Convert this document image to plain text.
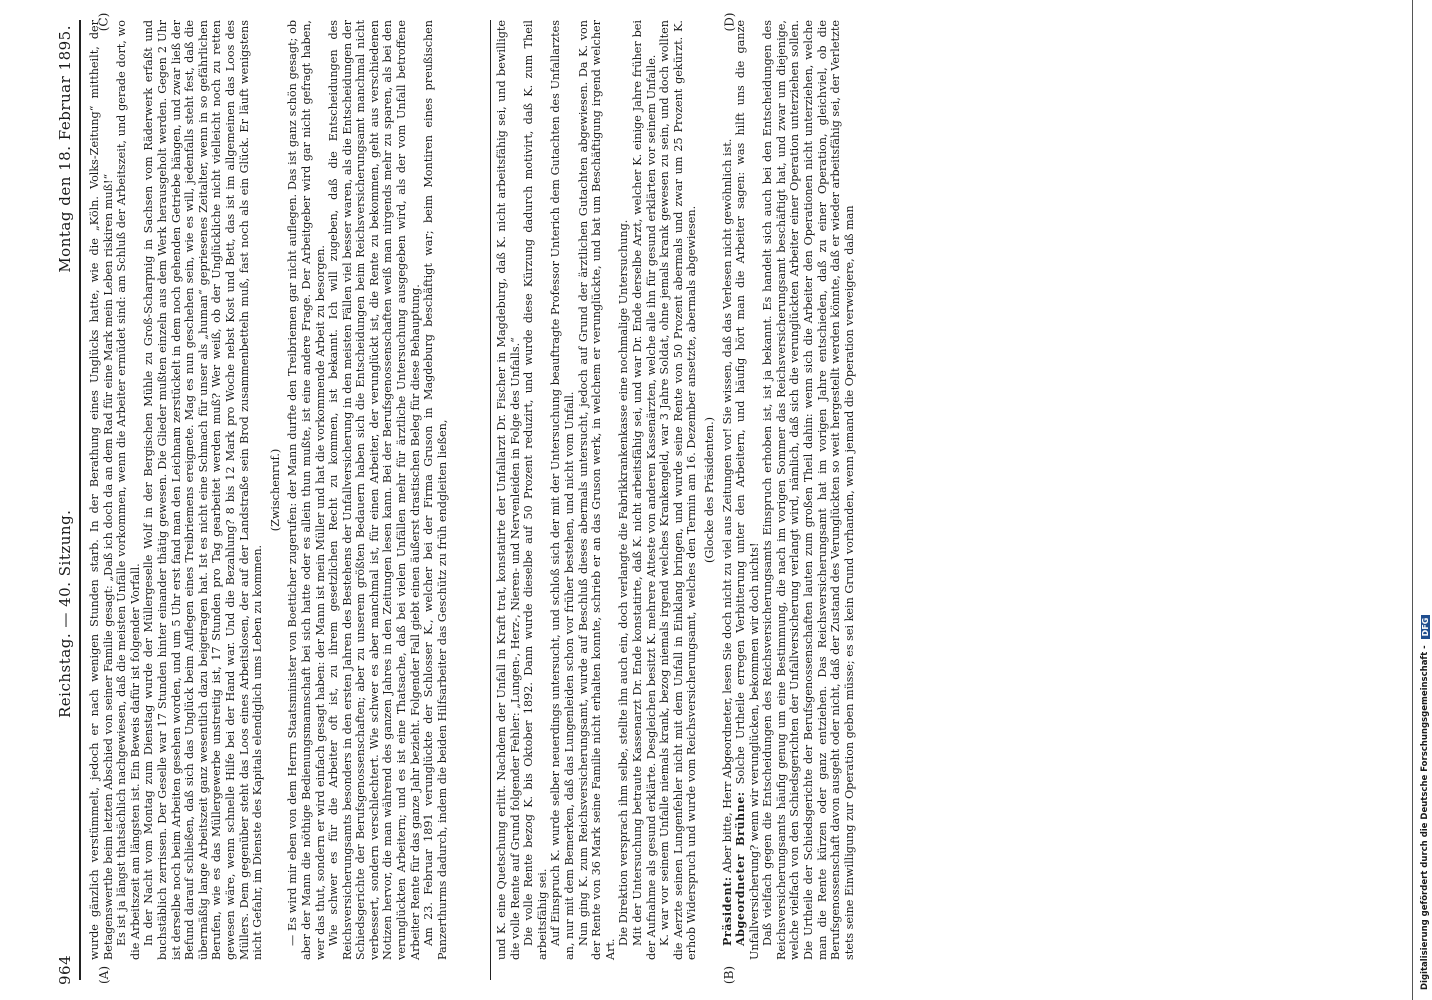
964
Reichstag. — 40. Sitzung.
Montag den 18. Februar 1895.
(A)	(B)

wurde gänzlich verstümmelt, jedoch er nach wenigen Stunden starb. In der Berathung eines Unglücks hatte, wie die „Köln. Volks-Zeitung“ mittheilt, der Betagenswerthe beim letzten Abschied von seiner Familie gesagt: „Daß ich doch da an dem Rad für eine Mark mein Leben riskiren muß!“ Es ist ja längst thatsächlich nachgewiesen, daß die meisten Unfälle vorkommen, wenn die Arbeiter ermüdet sind: am Schluß der Arbeitszeit, und gerade dort, wo die Arbeitszeit am längsten ist. Ein Beweis dafür ist folgender Vorfall. In der Nacht vom Montag zum Dienstag wurde der Müllergeselle Wolf in der Bergischen Mühle zu Groß-Scharpnig in Sachsen vom Räderwerk erfaßt und buchstäblich zerrissen. Der Geselle war 17 Stunden hinter einander thätig gewesen. Die Glieder mußten einzeln aus dem Werk herausgeholt werden. Gegen 2 Uhr ist derselbe noch beim Arbeiten gesehen worden, und um 5 Uhr erst fand man den Leichnam zerstückelt in dem noch gehenden Getriebe hängen, und zwar ließ der Befund darauf schließen, daß sich das Unglück beim Auflegen eines Treibriemens ereignete. Mag es nun geschehen sein, wie es will, jedenfalls steht fest, daß die übermäßig lange Arbeitszeit ganz wesentlich dazu beigetragen hat. Ist es nicht eine Schmach für unser als „human“ gepriesenes Zeitalter, wenn in so gefährlichen Berufen, wie es das Müllergewerbe unstreitig ist, 17 Stunden pro Tag gearbeitet werden muß? Wer weiß, ob der Unglückliche nicht vielleicht noch zu retten gewesen wäre, wenn schnelle Hilfe bei der Hand war. Und die Bezahlung? 8 bis 12 Mark pro Woche nebst Kost und Bett, das ist im allgemeinen das Loos des Müllers. Dem gegenüber steht das Loos eines Arbeitslosen, der auf der Landstraße sein Brod zusammenbetteln muß, fast noch als ein Glück. Er läuft wenigstens nicht Gefahr, im Dienste des Kapitals elendiglich ums Leben zu kommen.

(Zwischenruf.) — Es wird mir eben von dem Herrn Staatsminister von Boetticher zugerufen: der Mann durfte den Treibriemen gar nicht auflegen. Das ist ganz schön gesagt; ob aber der Mann die nöthige Bedienungsmannschaft bei sich hatte oder es allein thun mußte, ist eine andere Frage. Der Arbeitgeber wird gar nicht gefragt haben, wer das thut, sondern er wird einfach gesagt haben: der Mann ist mein Müller und hat die vorkommende Arbeit zu besorgen. Wie schwer es für die Arbeiter oft ist, zu ihrem gesetzlichen Recht zu kommen, ist bekannt. Ich will zugeben, daß die Entscheidungen des Reichsversicherungsamts besonders in den ersten Jahren des Bestehens der Unfallversicherung in den meisten Fällen viel besser waren, als die Entscheidungen der Schiedsgerichte der Berufsgenossenschaften; aber zu unserem größten Bedauern haben sich die Entscheidungen beim Reichsversicherungsamt manchmal nicht verbessert, sondern verschlechtert. Wie schwer es aber manchmal ist, für einen Arbeiter, der verunglückt ist, die Rente zu bekommen, geht aus verschiedenen Notizen hervor, die man während des ganzen Jahres in den Zeitungen lesen kann. Bei der Berufsgenossenschaften weiß man nirgends mehr zu sparen, als bei den verunglückten Arbeitern; und es ist eine Thatsache, daß bei vielen Unfällen mehr für ärztliche Untersuchung ausgegeben wird, als der vom Unfall betroffene Arbeiter Rente für das ganze Jahr bezieht. Folgender Fall giebt einen äußerst drastischen Beleg für diese Behauptung. Am 23. Februar 1891 verunglückte der Schlosser K., welcher bei der Firma Gruson in Magdeburg beschäftigt war; beim Montiren eines preußischen Panzerthurms dadurch, indem die beiden Hilfsarbeiter das Geschütz zu früh endgleiten ließen,	und K. eine Quetschung erlitt. Nachdem der Unfall in Kraft trat, konstatirte der Unfallarzt Dr. Fischer in Magdeburg, daß K. nicht arbeitsfähig sei, und bewilligte die volle Rente auf Grund folgender Fehler: „Lungen-, Herz-, Nieren- und Nervenleiden in Folge des Unfalls.“ Die volle Rente bezog K. bis Oktober 1892. Dann wurde dieselbe auf 50 Prozent reduzirt, und wurde diese Kürzung dadurch motivirt, daß K. zum Theil arbeitsfähig sei. Auf Einspruch K. wurde selber neuerdings untersucht, und schloß sich der mit der Untersuchung beauftragte Professor Unterich dem Gutachten des Unfallarztes an, nur mit dem Bemerken, daß das Lungenleiden schon vor früher bestehen, und nicht vom Unfall. Nun ging K. zum Reichsversicherungsamt, wurde auf Beschluß dieses abermals untersucht, jedoch auf Grund der ärztlichen Gutachten abgewiesen. Da K. von der Rente von 36 Mark seine Familie nicht erhalten konnte, schrieb er an das Gruson werk, in welchem er verunglückte, und bat um Beschäftigung irgend welcher Art.

Die Direktion versprach ihm selbe, stellte ihn auch ein, doch verlangte die Fabrikkrankenkasse eine nochmalige Untersuchung. Mit der Untersuchung betraute Kassenarzt Dr. Ende konstatirte, daß K. nicht arbeitsfähig sei, und war Dr. Ende derselbe Arzt, welcher K. einige Jahre früher bei der Aufnahme als gesund erklärte. Desgleichen besitzt K. mehrere Atteste von anderen Kassenärzten, welche alle ihn für gesund erklärten vor seinem Unfalle. K. war vor seinem Unfalle niemals krank, bezog niemals irgend welches Krankengeld, war 3 Jahre Soldat, ohne jemals krank gewesen zu sein, und doch wollten die Aerzte seinen Lungenfehler nicht mit dem Unfall in Einklang bringen, und wurde seine Rente von 50 Prozent abermals und zwar um 25 Prozent gekürzt. K. erhob Widerspruch und wurde vom Reichsversicherungsamt, welches den Termin am 16. Dezember ansetzte, abermals abgewiesen. (Glocke des Präsidenten.)

Präsident: Aber bitte, Herr Abgeordneter, lesen Sie doch nicht zu viel aus Zeitungen vor! Sie wissen, daß das Verlesen nicht gewöhnlich ist. Abgeordneter Brühne: Solche Urtheile erregen Verbitterung unter den Arbeitern, und häufig hört man die Arbeiter sagen: was hilft uns die ganze Unfallversicherung? wenn wir verunglücken, bekommen wir doch nichts! Daß vielfach gegen die Entscheidungen des Reichsversicherungsamts Einspruch erhoben ist, ist ja bekannt. Es handelt sich auch bei den Entscheidungen des Reichsversicherungsamts häufig genug um eine Bestimmung, die nach im vorigen Sommer das Reichsversicherungsamt beschäftigt hat, und zwar um diejenige, welche vielfach von den Schiedsgerichten der Unfallversicherung verlangt wird, nämlich, daß sich die verunglückten Arbeiter einer Operation unterziehen sollen. Die Urtheile der Schiedsgerichte der Berufsgenossenschaften lauten zum großen Theil dahin: wenn sich die Arbeiter den Operationen nicht unterziehen, welche man die Rente kürzen oder ganz entziehen. Das Reichsversicherungsamt hat im vorigen Jahre entschieden, daß zu einer Operation, gleichviel, ob die Berufsgenossenschaft davon ausgeht oder nicht, daß der Zustand des Verunglückten so weit hergestellt werden könnte, daß er wieder arbeitsfähig sei, der Verletzte stets seine Einwilligung zur Operation geben müsse; es sei kein Grund vorhanden, wenn jemand die Operation verweigere, daß man

(C)	(D)
Digitalisierung gefördert durch die Deutsche Forschungsgemeinschaft -
DFG
